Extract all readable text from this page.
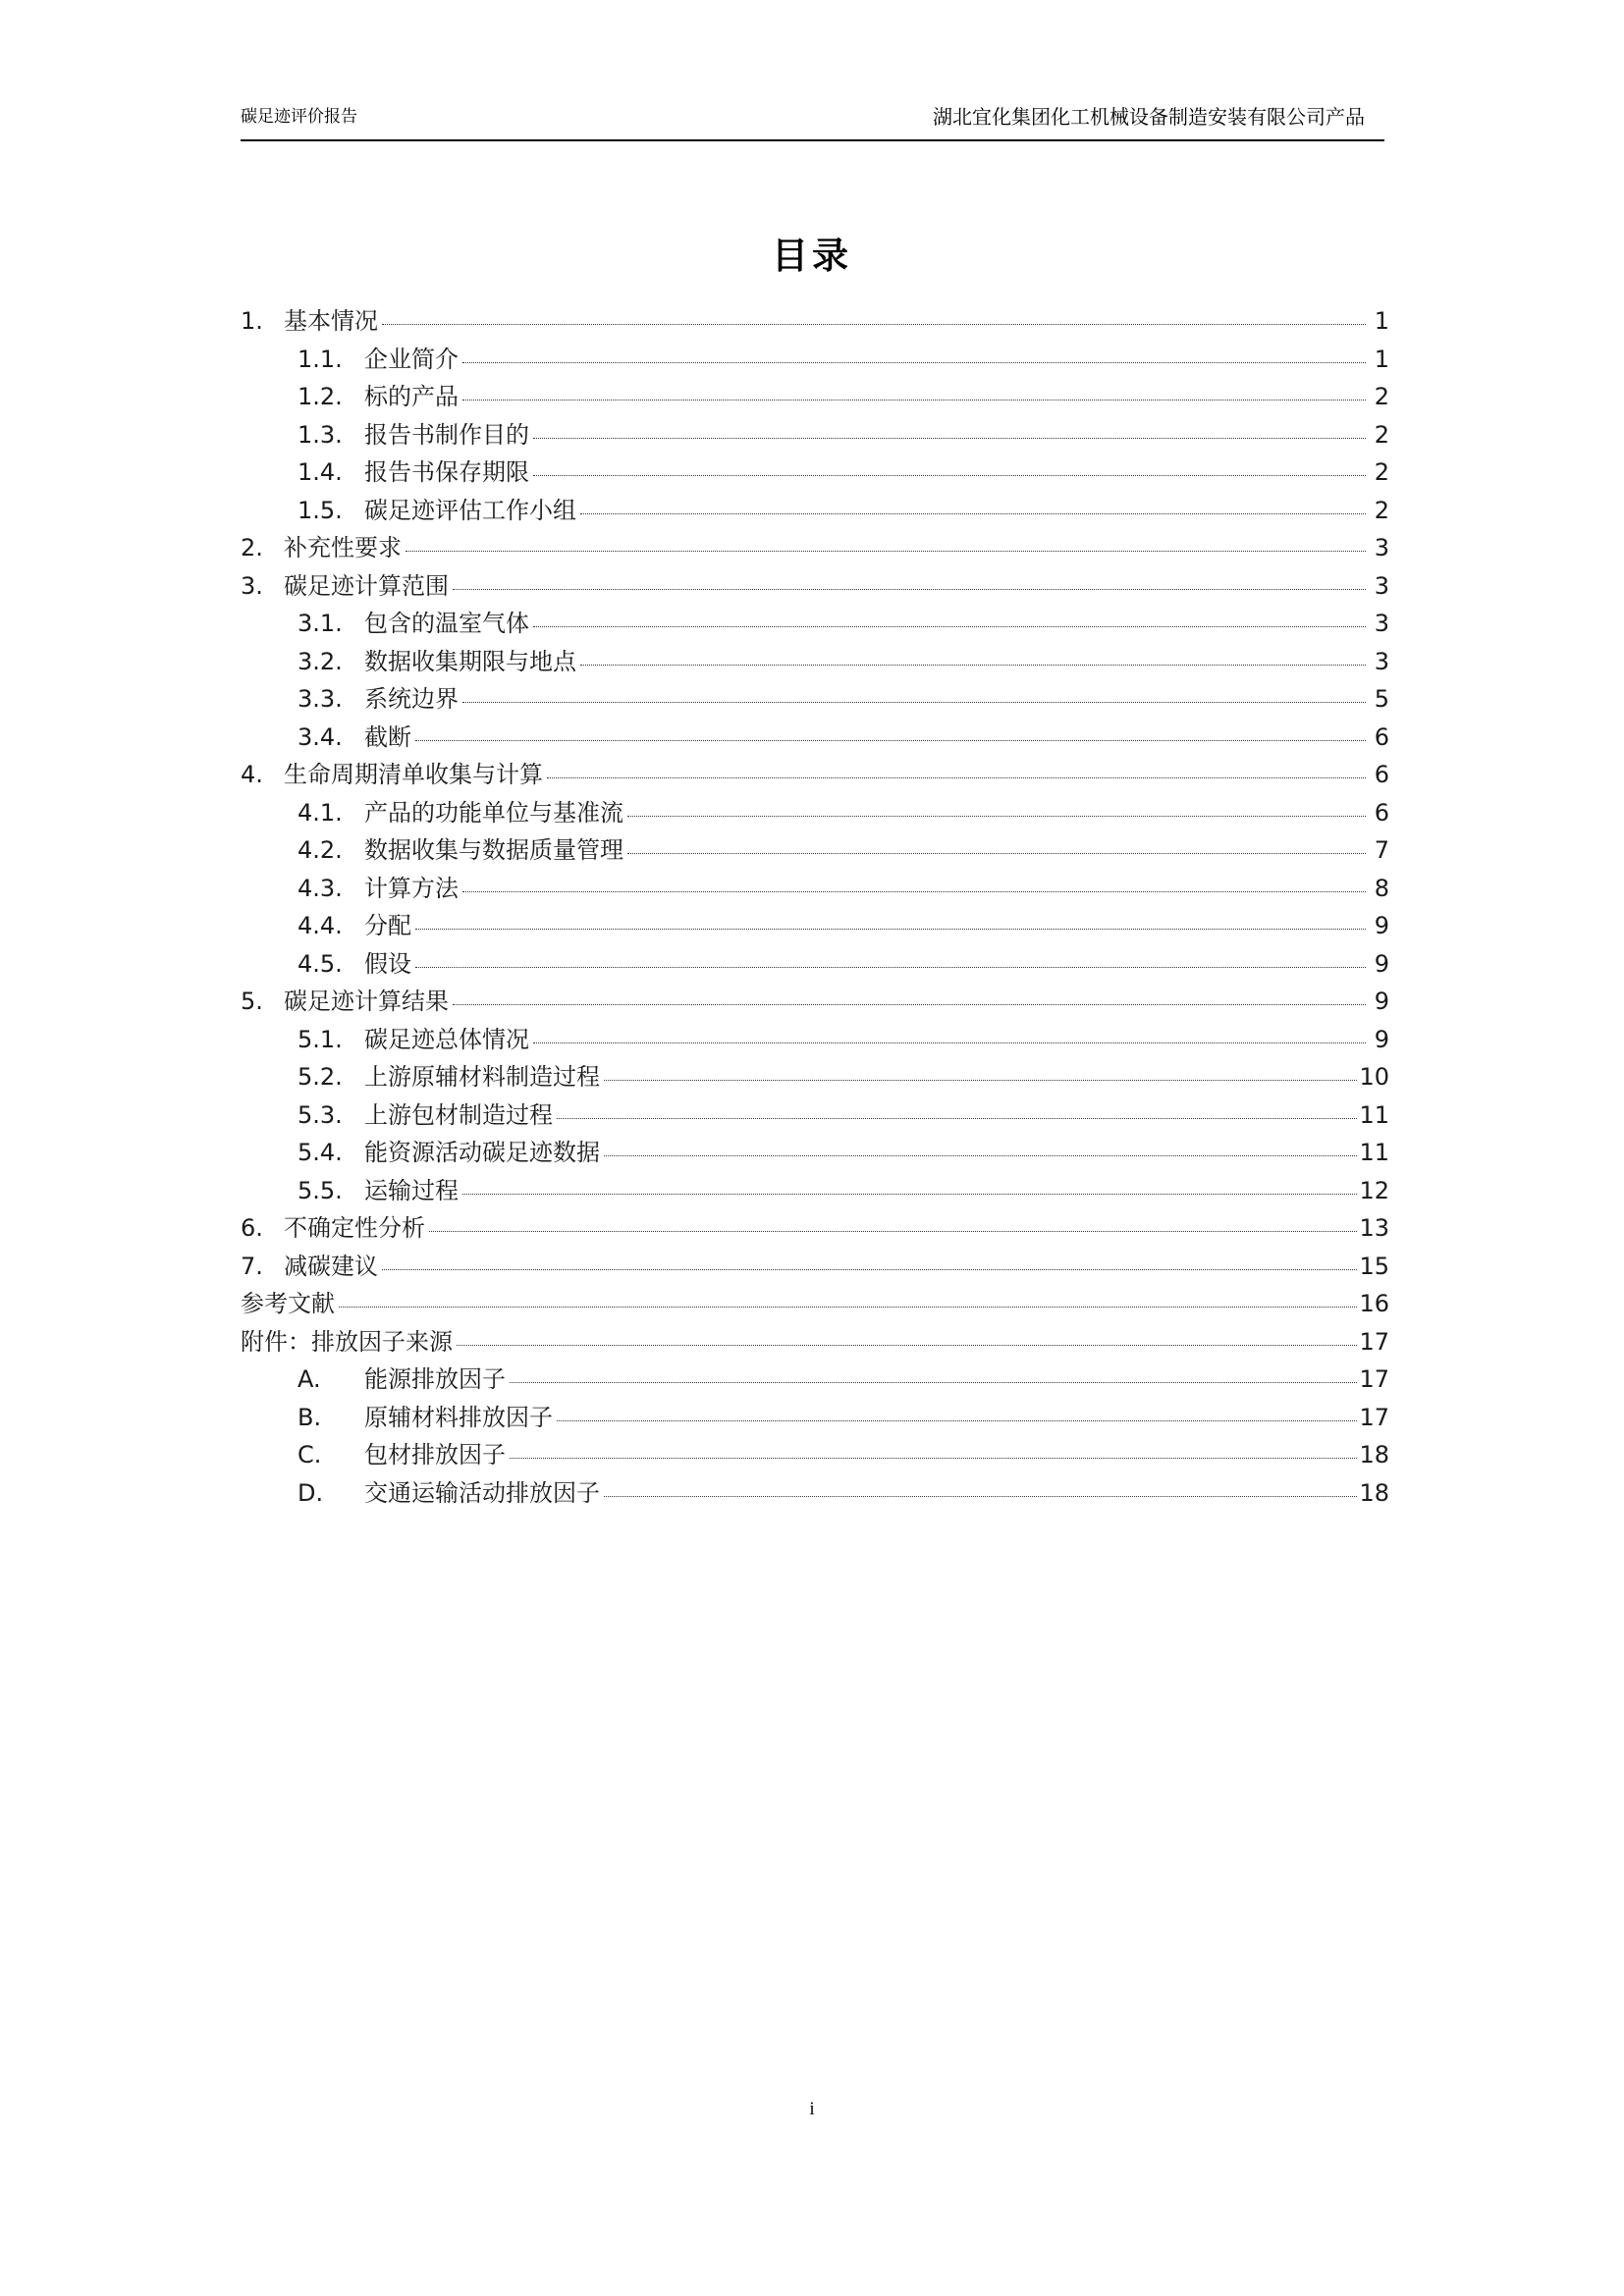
碳足迹评价报告	湖北宜化集团化工机械设备制造安装有限公司产品
目录
1. 基本情况	1
1.1. 企业简介	1
1.2. 标的产品	2
1.3. 报告书制作目的	2
1.4. 报告书保存期限	2
1.5. 碳足迹评估工作小组	2
2. 补充性要求	3
3. 碳足迹计算范围	3
3.1. 包含的温室气体	3
3.2. 数据收集期限与地点	3
3.3. 系统边界	5
3.4. 截断	6
4. 生命周期清单收集与计算	6
4.1. 产品的功能单位与基准流	6
4.2. 数据收集与数据质量管理	7
4.3. 计算方法	8
4.4. 分配	9
4.5. 假设	9
5. 碳足迹计算结果	9
5.1. 碳足迹总体情况	9
5.2. 上游原辅材料制造过程	10
5.3. 上游包材制造过程	11
5.4. 能资源活动碳足迹数据	11
5.5. 运输过程	12
6. 不确定性分析	13
7. 减碳建议	15
参考文献	16
附件：排放因子来源	17
A.	能源排放因子	17
B.	原辅材料排放因子	17
C.	包材排放因子	18
D.	交通运输活动排放因子	18
i
